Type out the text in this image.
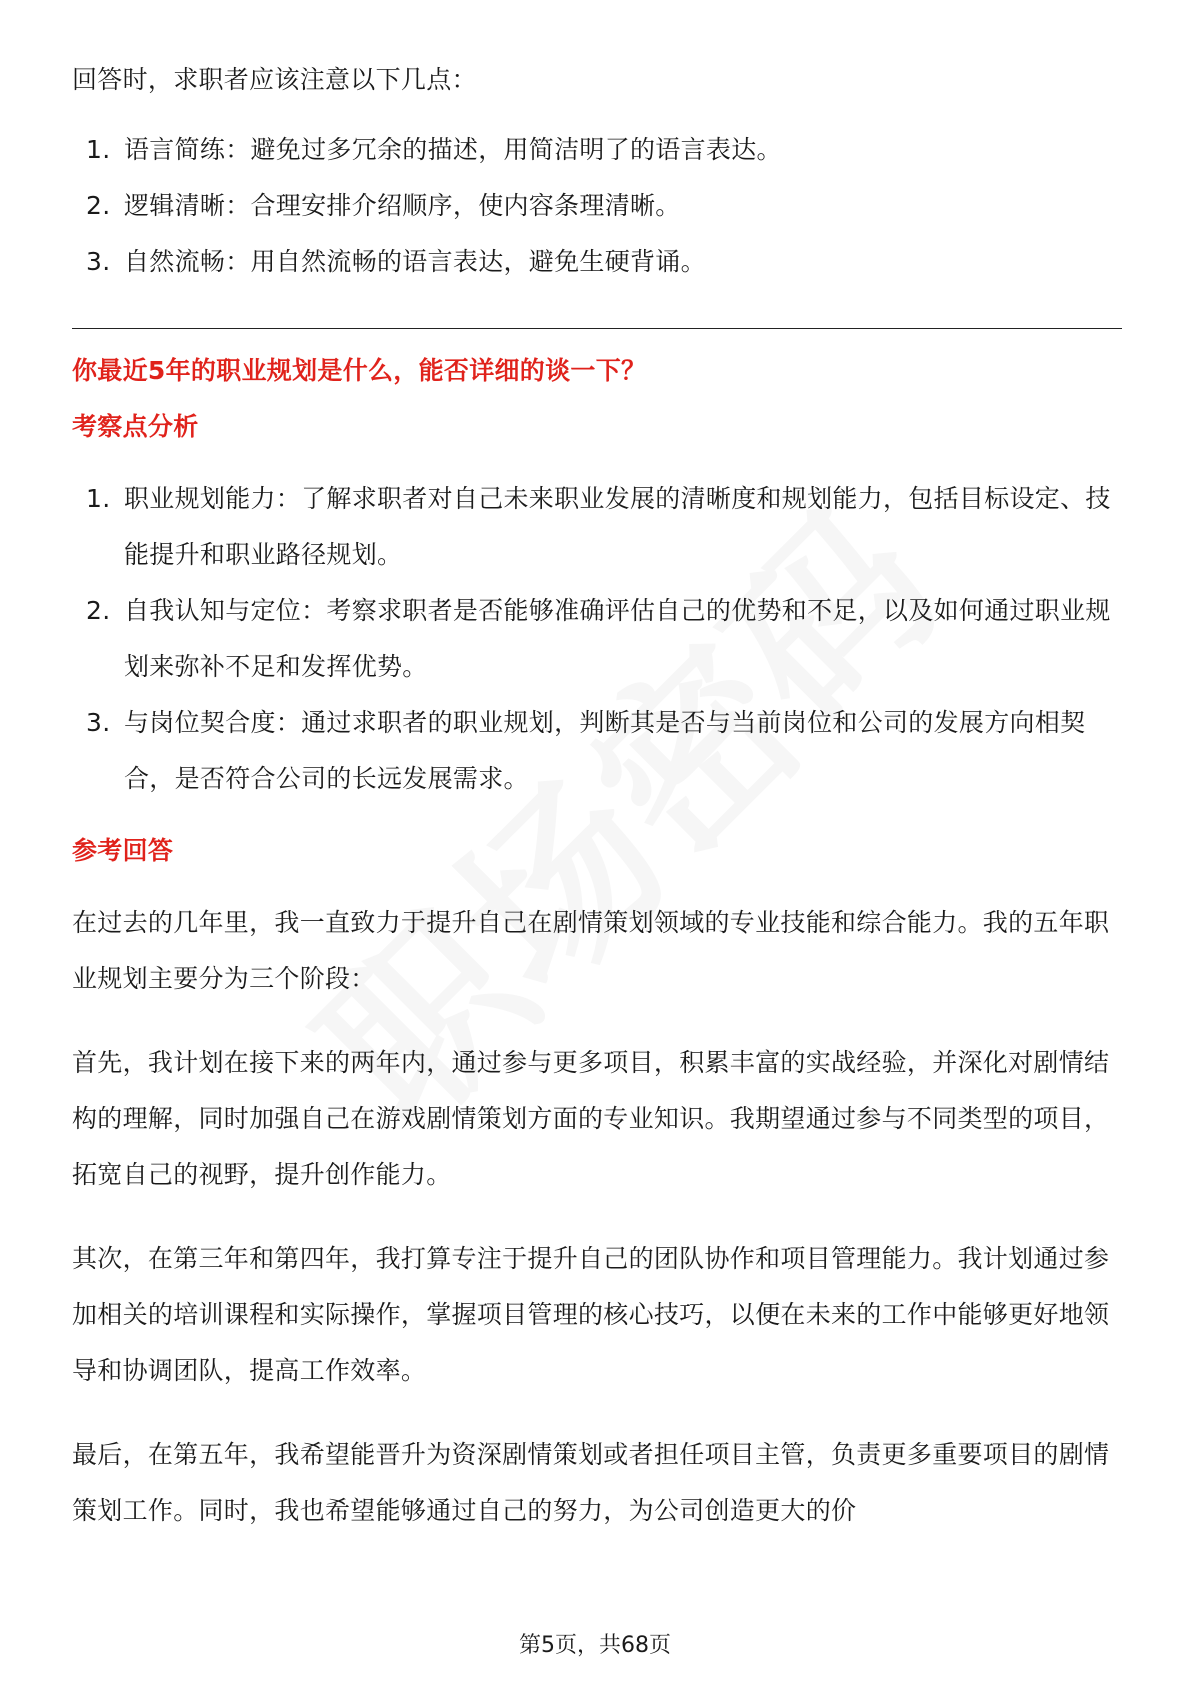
回答时，求职者应该注意以下几点：

1. 语言简练：避免过多冗余的描述，用简洁明了的语言表达。
2. 逻辑清晰：合理安排介绍顺序，使内容条理清晰。
3. 自然流畅：用自然流畅的语言表达，避免生硬背诵。
你最近5年的职业规划是什么，能否详细的谈一下？
考察点分析
1. 职业规划能力：了解求职者对自己未来职业发展的清晰度和规划能力，包括目标设定、技能提升和职业路径规划。
2. 自我认知与定位：考察求职者是否能够准确评估自己的优势和不足，以及如何通过职业规划来弥补不足和发挥优势。
3. 与岗位契合度：通过求职者的职业规划，判断其是否与当前岗位和公司的发展方向相契合，是否符合公司的长远发展需求。
参考回答

在过去的几年里，我一直致力于提升自己在剧情策划领域的专业技能和综合能力。我的五年职业规划主要分为三个阶段：

首先，我计划在接下来的两年内，通过参与更多项目，积累丰富的实战经验，并深化对剧情结构的理解，同时加强自己在游戏剧情策划方面的专业知识。我期望通过参与不同类型的项目，拓宽自己的视野，提升创作能力。

其次，在第三年和第四年，我打算专注于提升自己的团队协作和项目管理能力。我计划通过参加相关的培训课程和实际操作，掌握项目管理的核心技巧，以便在未来的工作中能够更好地领导和协调团队，提高工作效率。

最后，在第五年，我希望能晋升为资深剧情策划或者担任项目主管，负责更多重要项目的剧情策划工作。同时，我也希望能够通过自己的努力，为公司创造更大的价

第5页，共68页
